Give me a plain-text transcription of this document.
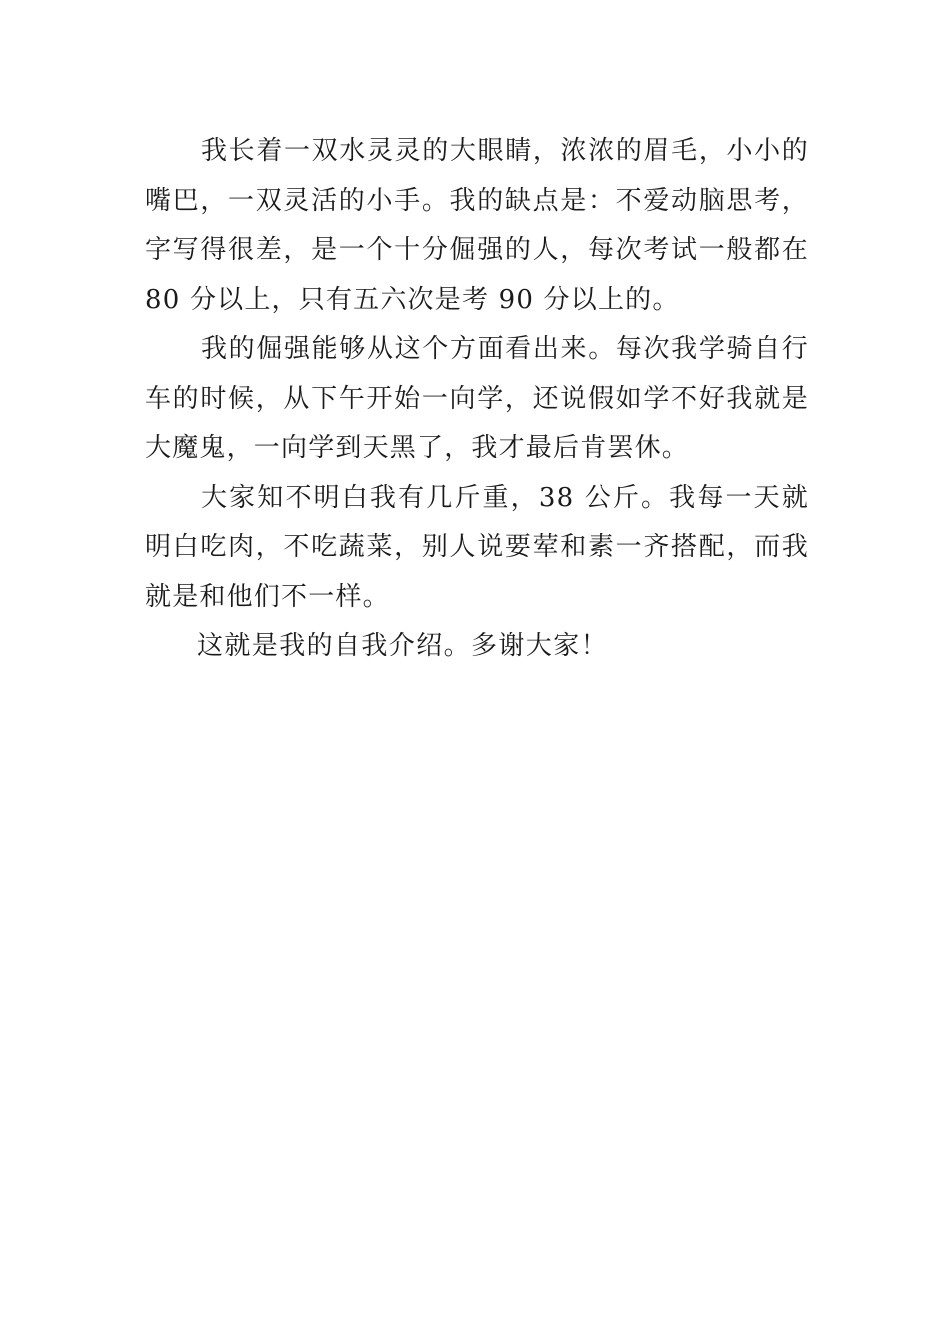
我长着一双水灵灵的大眼睛，浓浓的眉毛，小小的嘴巴，一双灵活的小手。我的缺点是：不爱动脑思考，字写得很差，是一个十分倔强的人，每次考试一般都在 80 分以上，只有五六次是考 90 分以上的。

我的倔强能够从这个方面看出来。每次我学骑自行车的时候，从下午开始一向学，还说假如学不好我就是大魔鬼，一向学到天黑了，我才最后肯罢休。

大家知不明白我有几斤重，38 公斤。我每一天就明白吃肉，不吃蔬菜，别人说要荤和素一齐搭配，而我就是和他们不一样。

这就是我的自我介绍。多谢大家！
